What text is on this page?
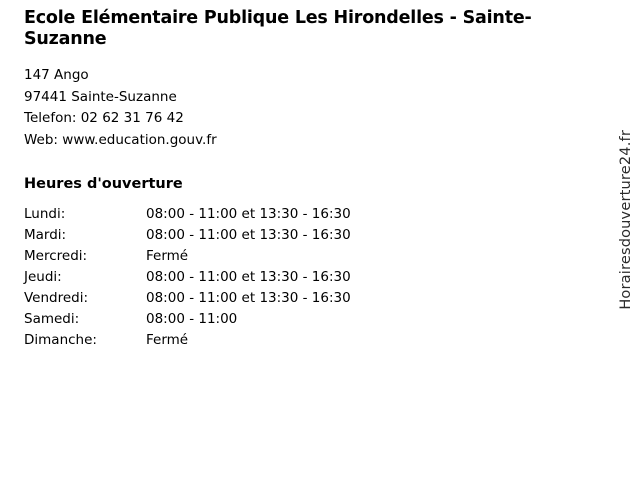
Ecole Elémentaire Publique Les Hirondelles - Sainte-Suzanne
147 Ango
97441 Sainte-Suzanne
Telefon: 02 62 31 76 42
Web: www.education.gouv.fr
Heures d'ouverture
Lundi:	08:00 - 11:00 et 13:30 - 16:30
Mardi:	08:00 - 11:00 et 13:30 - 16:30
Mercredi:	Fermé
Jeudi:	08:00 - 11:00 et 13:30 - 16:30
Vendredi:	08:00 - 11:00 et 13:30 - 16:30
Samedi:	08:00 - 11:00
Dimanche:	Fermé
Horairesdouverture24.fr
